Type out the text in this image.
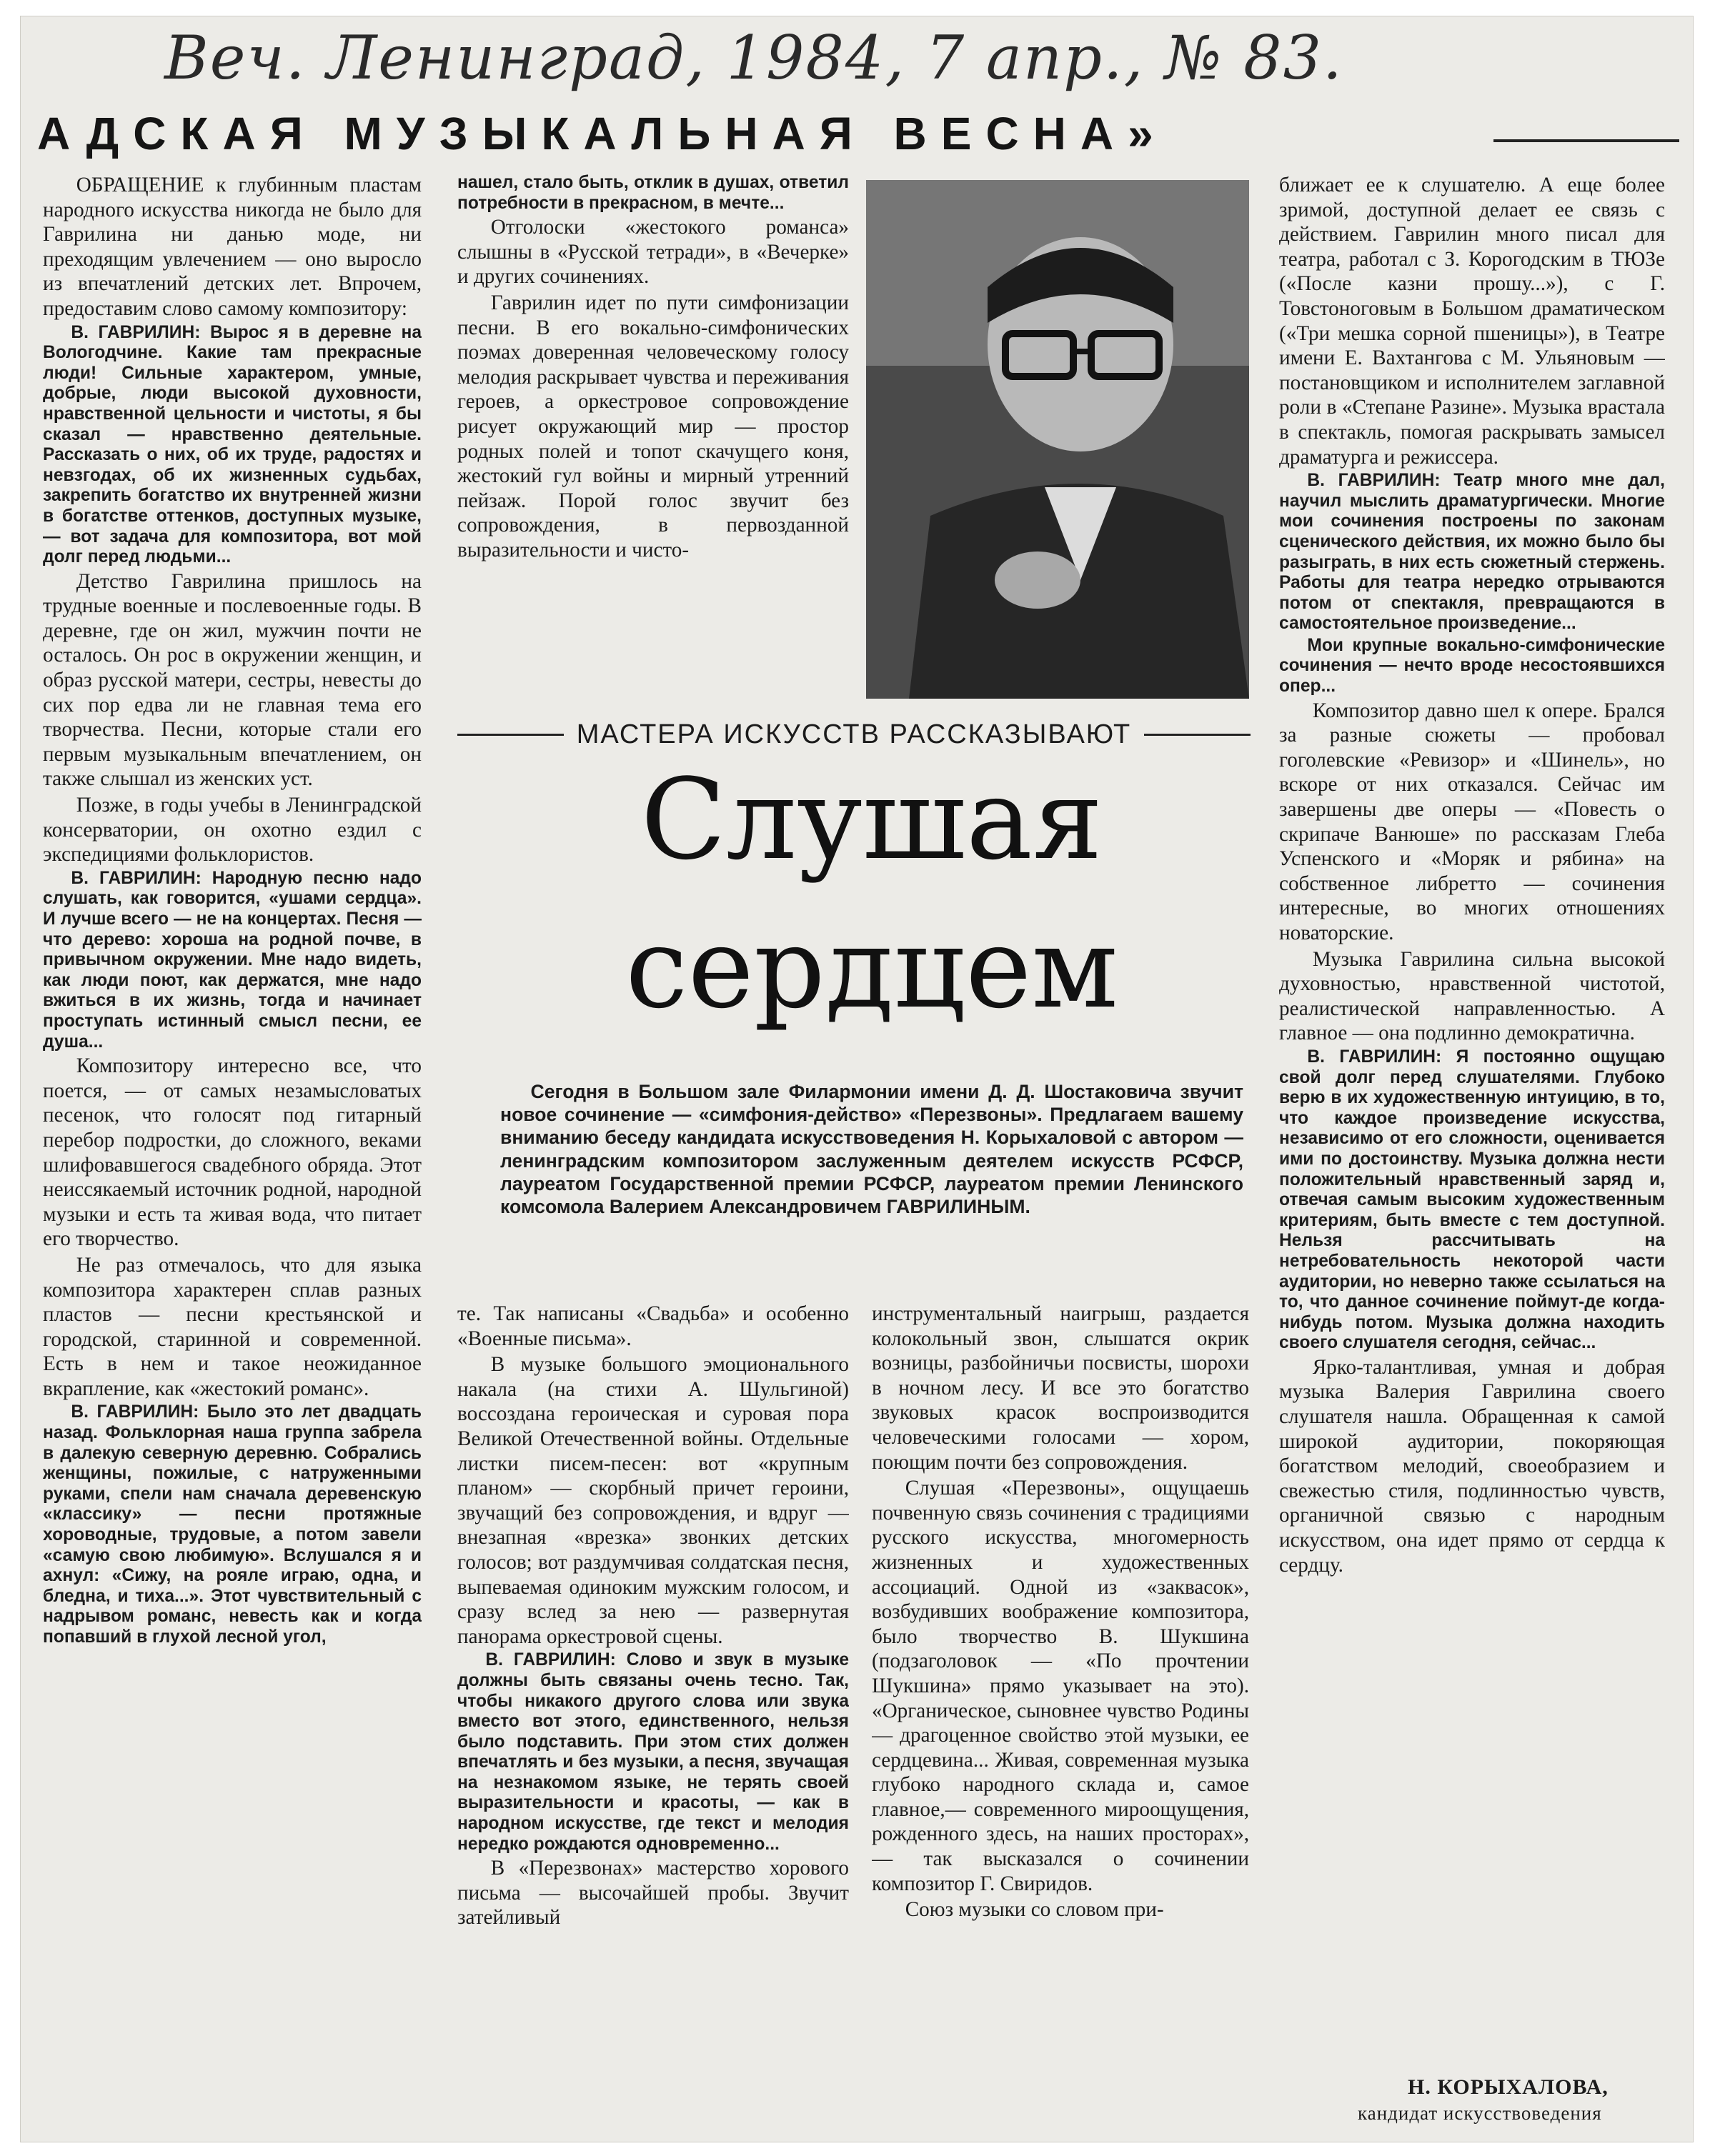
Веч. Ленинград, 1984, 7 апр., № 83.
АДСКАЯ МУЗЫКАЛЬНАЯ ВЕСНА»

ОБРАЩЕНИЕ к глубинным пластам народного искусства никогда не было для Гаврилина ни данью моде, ни преходящим увлечением — оно выросло из впечатлений детских лет. Впрочем, предоставим слово самому композитору:

В. ГАВРИЛИН: Вырос я в деревне на Вологодчине. Какие там прекрасные люди! Сильные характером, умные, добрые, люди высокой духовности, нравственной цельности и чистоты, я бы сказал — нравственно деятельные. Рассказать о них, об их труде, радостях и невзгодах, об их жизненных судьбах, закрепить богатство их внутренней жизни в богатстве оттенков, доступных музыке, — вот задача для композитора, вот мой долг перед людьми...

Детство Гаврилина пришлось на трудные военные и послевоенные годы. В деревне, где он жил, мужчин почти не осталось. Он рос в окружении женщин, и образ русской матери, сестры, невесты до сих пор едва ли не главная тема его творчества. Песни, которые стали его первым музыкальным впечатлением, он также слышал из женских уст.

Позже, в годы учебы в Ленинградской консерватории, он охотно ездил с экспедициями фольклористов.

В. ГАВРИЛИН: Народную песню надо слушать, как говорится, «ушами сердца». И лучше всего — не на концертах. Песня — что дерево: хороша на родной почве, в привычном окружении. Мне надо видеть, как люди поют, как держатся, мне надо вжиться в их жизнь, тогда и начинает проступать истинный смысл песни, ее душа...

Композитору интересно все, что поется, — от самых незамысловатых песенок, что голосят под гитарный перебор подростки, до сложного, веками шлифовавшегося свадебного обряда. Этот неиссякаемый источник родной, народной музыки и есть та живая вода, что питает его творчество.

Не раз отмечалось, что для языка композитора характерен сплав разных пластов — песни крестьянской и городской, старинной и современной. Есть в нем и такое неожиданное вкрапление, как «жестокий романс».

В. ГАВРИЛИН: Было это лет двадцать назад. Фольклорная наша группа забрела в далекую северную деревню. Собрались женщины, пожилые, с натруженными руками, спели нам сначала деревенскую «классику» — песни протяжные хороводные, трудовые, а потом завели «самую свою любимую». Вслушался я и ахнул: «Сижу, на рояле играю, одна, и бледна, и тиха...». Этот чувствительный с надрывом романс, невесть как и когда попавший в глухой лесной угол,

нашел, стало быть, отклик в душах, ответил потребности в прекрасном, в мечте...

Отголоски «жестокого романса» слышны в «Русской тетради», в «Вечерке» и других сочинениях.

Гаврилин идет по пути симфонизации песни. В его вокально-симфонических поэмах доверенная человеческому голосу мелодия раскрывает чувства и переживания героев, а оркестровое сопровождение рисует окружающий мир — простор родных полей и топот скачущего коня, жестокий гул войны и мирный утренний пейзаж. Порой голос звучит без сопровождения, в первозданной выразительности и чисто-

МАСТЕРА ИСКУССТВ РАССКАЗЫВАЮТ
Слушая
сердцем
Сегодня в Большом зале Филармонии имени Д. Д. Шостаковича звучит новое сочинение — «симфония-действо» «Перезвоны». Предлагаем вашему вниманию беседу кандидата искусствоведения Н. Корыхаловой с автором — ленинградским композитором заслуженным деятелем искусств РСФСР, лауреатом Государственной премии РСФСР, лауреатом премии Ленинского комсомола Валерием Александровичем ГАВРИЛИНЫМ.

те. Так написаны «Свадьба» и особенно «Военные письма».

В музыке большого эмоционального накала (на стихи А. Шульгиной) воссоздана героическая и суровая пора Великой Отечественной войны. Отдельные листки писем-песен: вот «крупным планом» — скорбный причет героини, звучащий без сопровождения, и вдруг — внезапная «врезка» звонких детских голосов; вот раздумчивая солдатская песня, выпеваемая одиноким мужским голосом, и сразу вслед за нею — развернутая панорама оркестровой сцены.

В. ГАВРИЛИН: Слово и звук в музыке должны быть связаны очень тесно. Так, чтобы никакого другого слова или звука вместо вот этого, единственного, нельзя было подставить. При этом стих должен впечатлять и без музыки, а песня, звучащая на незнакомом языке, не терять своей выразительности и красоты, — как в народном искусстве, где текст и мелодия нередко рождаются одновременно...

В «Перезвонах» мастерство хорового письма — высочайшей пробы. Звучит затейливый

инструментальный наигрыш, раздается колокольный звон, слышатся окрик возницы, разбойничьи посвисты, шорохи в ночном лесу. И все это богатство звуковых красок воспроизводится человеческими голосами — хором, поющим почти без сопровождения.

Слушая «Перезвоны», ощущаешь почвенную связь сочинения с традициями русского искусства, многомерность жизненных и художественных ассоциаций. Одной из «закваcок», возбудивших воображение композитора, было творчество В. Шукшина (подзаголовок — «По прочтении Шукшина» прямо указывает на это). «Органическое, сыновнее чувство Родины — драгоценное свойство этой музыки, ее сердцевина... Живая, современная музыка глубоко народного склада и, самое главное,— современного мироощущения, рожденного здесь, на наших просторах», — так высказался о сочинении композитор Г. Свиридов.

Союз музыки со словом при-

ближает ее к слушателю. А еще более зримой, доступной делает ее связь с действием. Гаврилин много писал для театра, работал с З. Корогодским в ТЮЗе («После казни прошу...»), с Г. Товстоноговым в Большом драматическом («Три мешка сорной пшеницы»), в Театре имени Е. Вахтангова с М. Ульяновым — постановщиком и исполнителем заглавной роли в «Степане Разине». Музыка врастала в спектакль, помогая раскрывать замысел драматурга и режиссера.

В. ГАВРИЛИН: Театр много мне дал, научил мыслить драматургически. Многие мои сочинения построены по законам сценического действия, их можно было бы разыграть, в них есть сюжетный стержень. Работы для театра нередко отрываются потом от спектакля, превращаются в самостоятельное произведение...

Мои крупные вокально-симфонические сочинения — нечто вроде несостоявшихся опер...

Композитор давно шел к опере. Брался за разные сюжеты — пробовал гоголевские «Ревизор» и «Шинель», но вскоре от них отказался. Сейчас им завершены две оперы — «Повесть о скрипаче Ванюше» по рассказам Глеба Успенского и «Моряк и рябина» на собственное либретто — сочинения интересные, во многих отношениях новаторские.

Музыка Гаврилина сильна высокой духовностью, нравственной чистотой, реалистической направленностью. А главное — она подлинно демократична.

В. ГАВРИЛИН: Я постоянно ощущаю свой долг перед слушателями. Глубоко верю в их художественную интуицию, в то, что каждое произведение искусства, независимо от его сложности, оценивается ими по достоинству. Музыка должна нести положительный нравственный заряд и, отвечая самым высоким художественным критериям, быть вместе с тем доступной. Нельзя рассчитывать на нетребовательность некоторой части аудитории, но неверно также ссылаться на то, что данное сочинение поймут-де когда-нибудь потом. Музыка должна находить своего слушателя сегодня, сейчас...

Ярко-талантливая, умная и добрая музыка Валерия Гаврилина своего слушателя нашла. Обращенная к самой широкой аудитории, покоряющая богатством мелодий, своеобразием и свежестью стиля, подлинностью чувств, органичной связью с народным искусством, она идет прямо от сердца к сердцу.

Н. КОРЫХАЛОВА,
кандидат искусствоведения
